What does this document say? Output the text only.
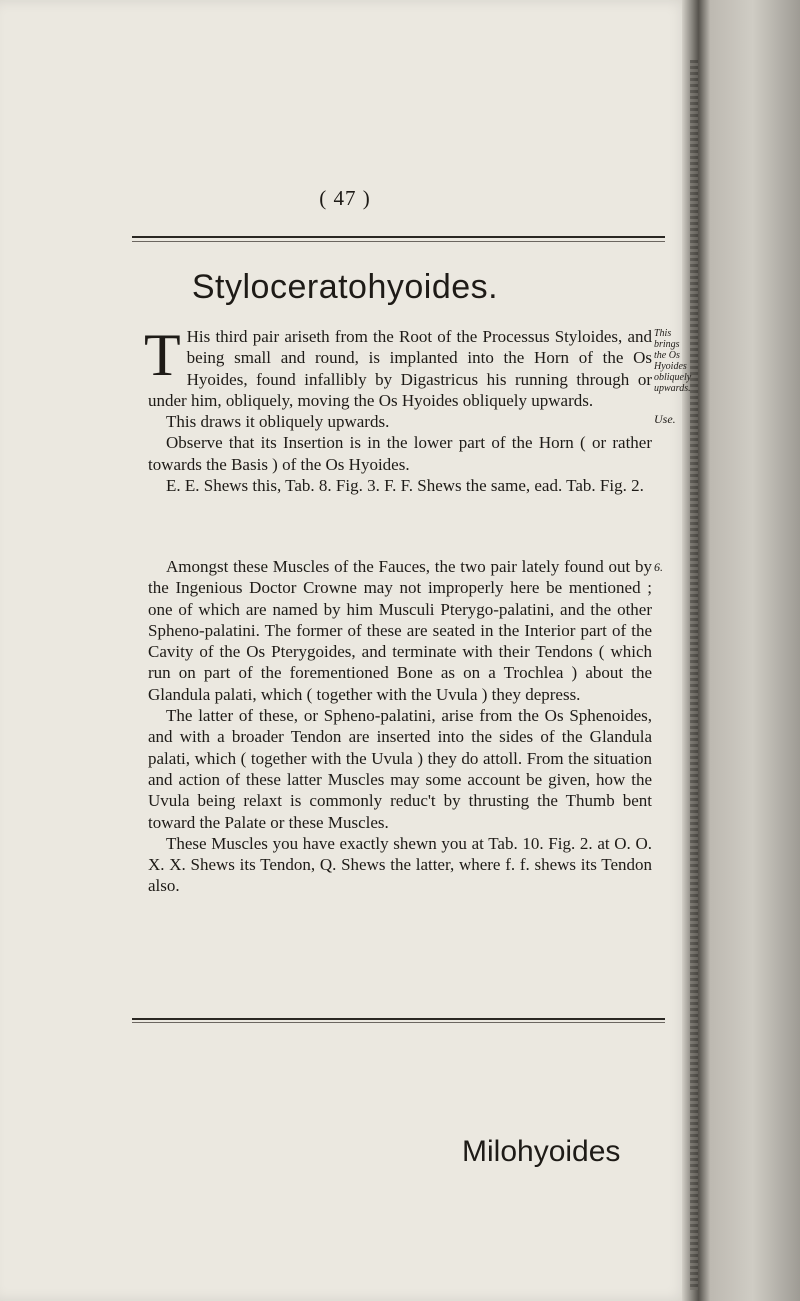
( 47 )
Styloceratohyoides.

T His third pair ariseth from the Root of the Processus Styloides, and being small and round, is implanted into the Horn of the Os Hyoides, found infallibly by Digastricus his running through or under him, obliquely, moving the Os Hyoides obliquely upwards.

This draws it obliquely upwards.

Observe that its Insertion is in the lower part of the Horn ( or rather towards the Basis ) of the Os Hyoides.

E. E. Shews this, Tab. 8. Fig. 3. F. F. Shews the same, ead. Tab. Fig. 2.

Amongst these Muscles of the Fauces, the two pair lately found out by the Ingenious Doctor Crowne may not improperly here be mentioned ; one of which are named by him Musculi Pterygo-palatini, and the other Spheno-palatini. The former of these are seated in the Interior part of the Cavity of the Os Pterygoides, and terminate with their Tendons ( which run on part of the forementioned Bone as on a Trochlea ) about the Glandula palati, which ( together with the Uvula ) they depress.

The latter of these, or Spheno-palatini, arise from the Os Sphenoides, and with a broader Tendon are inserted into the sides of the Glandula palati, which ( together with the Uvula ) they do attoll. From the situation and action of these latter Muscles may some account be given, how the Uvula being relaxt is commonly reduc't by thrusting the Thumb bent toward the Palate or these Muscles.

These Muscles you have exactly shewn you at Tab. 10. Fig. 2. at O. O. X. X. Shews its Tendon, Q. Shews the latter, where f. f. shews its Tendon also.

This brings the Os Hyoides obliquely upwards.
Use.
6.
Milohyoides
